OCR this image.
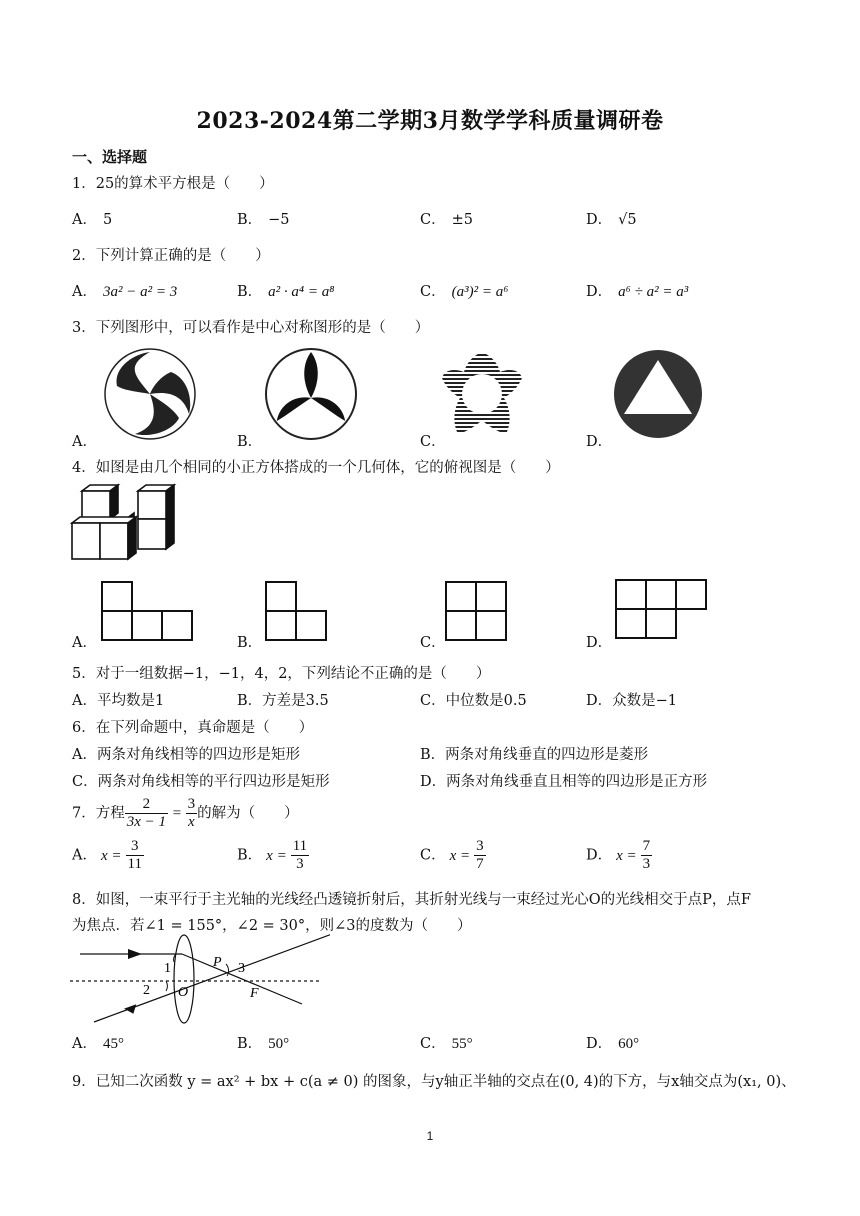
2023-2024第二学期3月数学学科质量调研卷
一、选择题
1．25的算术平方根是（　　）
A． 5	B． −5	C． ±5	D． √5
2．下列计算正确的是（　　）
A． 3a² − a² = 3	B． a² · a⁴ = a⁸	C． (a³)² = a⁶	D． a⁶ ÷ a² = a³
3．下列图形中，可以看作是中心对称图形的是（　　）
A．	B．	C．	D．
4．如图是由几个相同的小正方体搭成的一个几何体，它的俯视图是（　　）
A．	B．	C．	D．
5．对于一组数据−1，−1，4，2，下列结论不正确的是（　　）
A．平均数是1	B．方差是3.5	C．中位数是0.5	D．众数是−1
6．在下列命题中，真命题是（　　）
A．两条对角线相等的四边形是矩形	B．两条对角线垂直的四边形是菱形
C．两条对角线相等的平行四边形是矩形	D．两条对角线垂直且相等的四边形是正方形
7．方程 $\frac{2}{3x - 1} = \frac{3}{x}$ 的解为（　　）
A． $x = \frac{3}{11}$	B． $x = \frac{11}{3}$	C． $x = \frac{3}{7}$	D． $x = \frac{7}{3}$
8．如图，一束平行于主光轴的光线经凸透镜折射后，其折射光线与一束经过光心O的光线相交于点P，点F
为焦点．若∠1 = 155°，∠2 = 30°，则∠3的度数为（　　）
1
2
3
P
O	F
A． 45°	B． 50°	C． 55°	D． 60°
9．已知二次函数 y = ax² + bx + c(a ≠ 0) 的图象，与y轴正半轴的交点在(0, 4)的下方，与x轴交点为(x₁, 0)、
1
